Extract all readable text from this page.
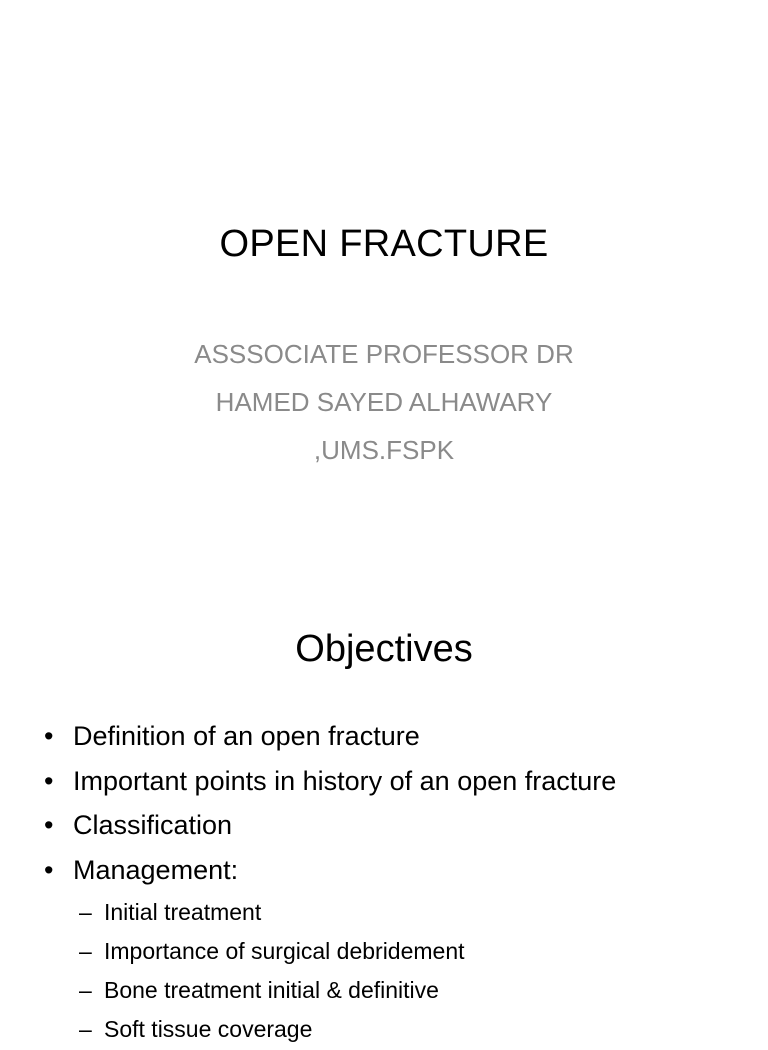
OPEN FRACTURE
ASSSOCIATE PROFESSOR DR
HAMED SAYED ALHAWARY
,UMS.FSPK
Objectives
• Definition of an open fracture
• Important points in history of an open fracture
• Classification
• Management:
– Initial treatment
– Importance of surgical debridement
– Bone treatment initial & definitive
– Soft tissue coverage
